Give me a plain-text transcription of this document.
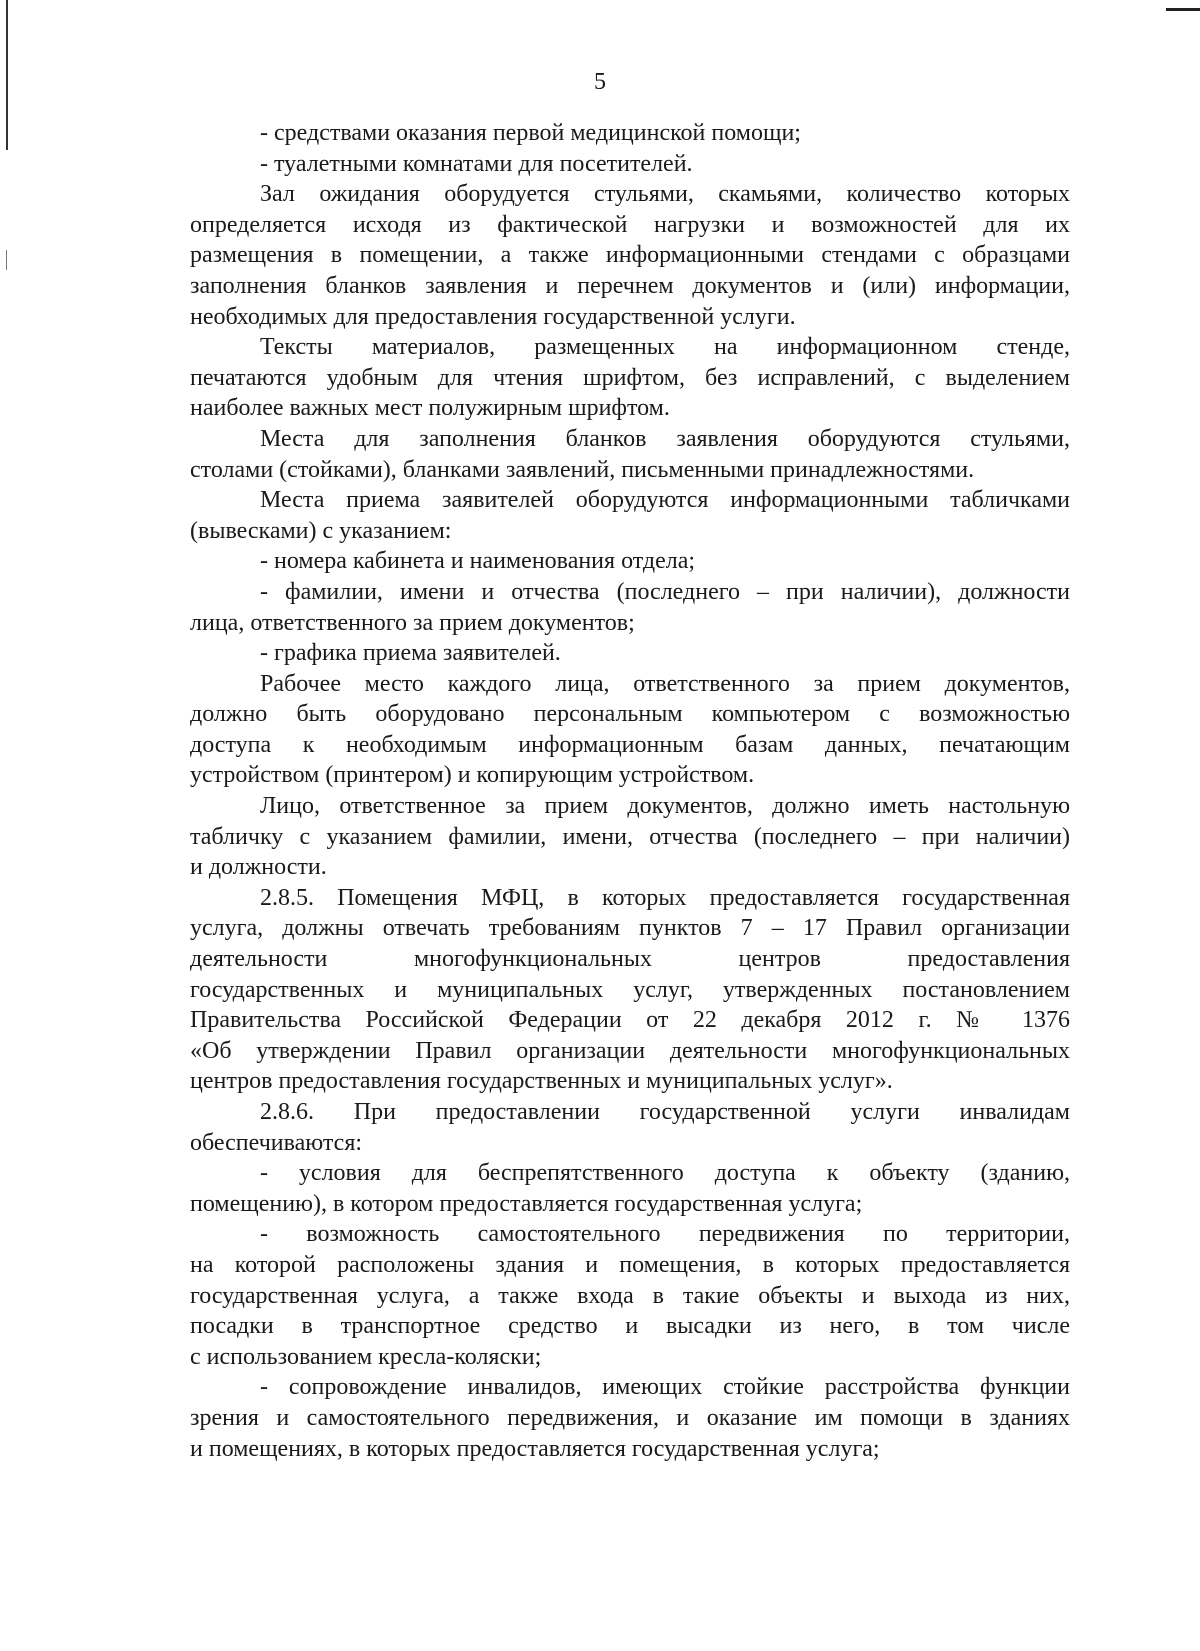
5
- средствами оказания первой медицинской помощи;
- туалетными комнатами для посетителей.
Зал ожидания оборудуется стульями, скамьями, количество которых
определяется исходя из фактической нагрузки и возможностей для их
размещения в помещении, а также информационными стендами с образцами
заполнения бланков заявления и перечнем документов и (или) информации,
необходимых для предоставления государственной услуги.
Тексты материалов, размещенных на информационном стенде,
печатаются удобным для чтения шрифтом, без исправлений, с выделением
наиболее важных мест полужирным шрифтом.
Места для заполнения бланков заявления оборудуются стульями,
столами (стойками), бланками заявлений, письменными принадлежностями.
Места приема заявителей оборудуются информационными табличками
(вывесками) с указанием:
- номера кабинета и наименования отдела;
- фамилии, имени и отчества (последнего – при наличии), должности
лица, ответственного за прием документов;
- графика приема заявителей.
Рабочее место каждого лица, ответственного за прием документов,
должно быть оборудовано персональным компьютером с возможностью
доступа к необходимым информационным базам данных, печатающим
устройством (принтером) и копирующим устройством.
Лицо, ответственное за прием документов, должно иметь настольную
табличку с указанием фамилии, имени, отчества (последнего – при наличии)
и должности.
2.8.5. Помещения МФЦ, в которых предоставляется государственная
услуга, должны отвечать требованиям пунктов 7 – 17 Правил организации
деятельности многофункциональных центров предоставления
государственных и муниципальных услуг, утвержденных постановлением
Правительства Российской Федерации от 22 декабря 2012 г. № 1376
«Об утверждении Правил организации деятельности многофункциональных
центров предоставления государственных и муниципальных услуг».
2.8.6. При предоставлении государственной услуги инвалидам
обеспечиваются:
- условия для беспрепятственного доступа к объекту (зданию,
помещению), в котором предоставляется государственная услуга;
- возможность самостоятельного передвижения по территории,
на которой расположены здания и помещения, в которых предоставляется
государственная услуга, а также входа в такие объекты и выхода из них,
посадки в транспортное средство и высадки из него, в том числе
с использованием кресла-коляски;
- сопровождение инвалидов, имеющих стойкие расстройства функции
зрения и самостоятельного передвижения, и оказание им помощи в зданиях
и помещениях, в которых предоставляется государственная услуга;
